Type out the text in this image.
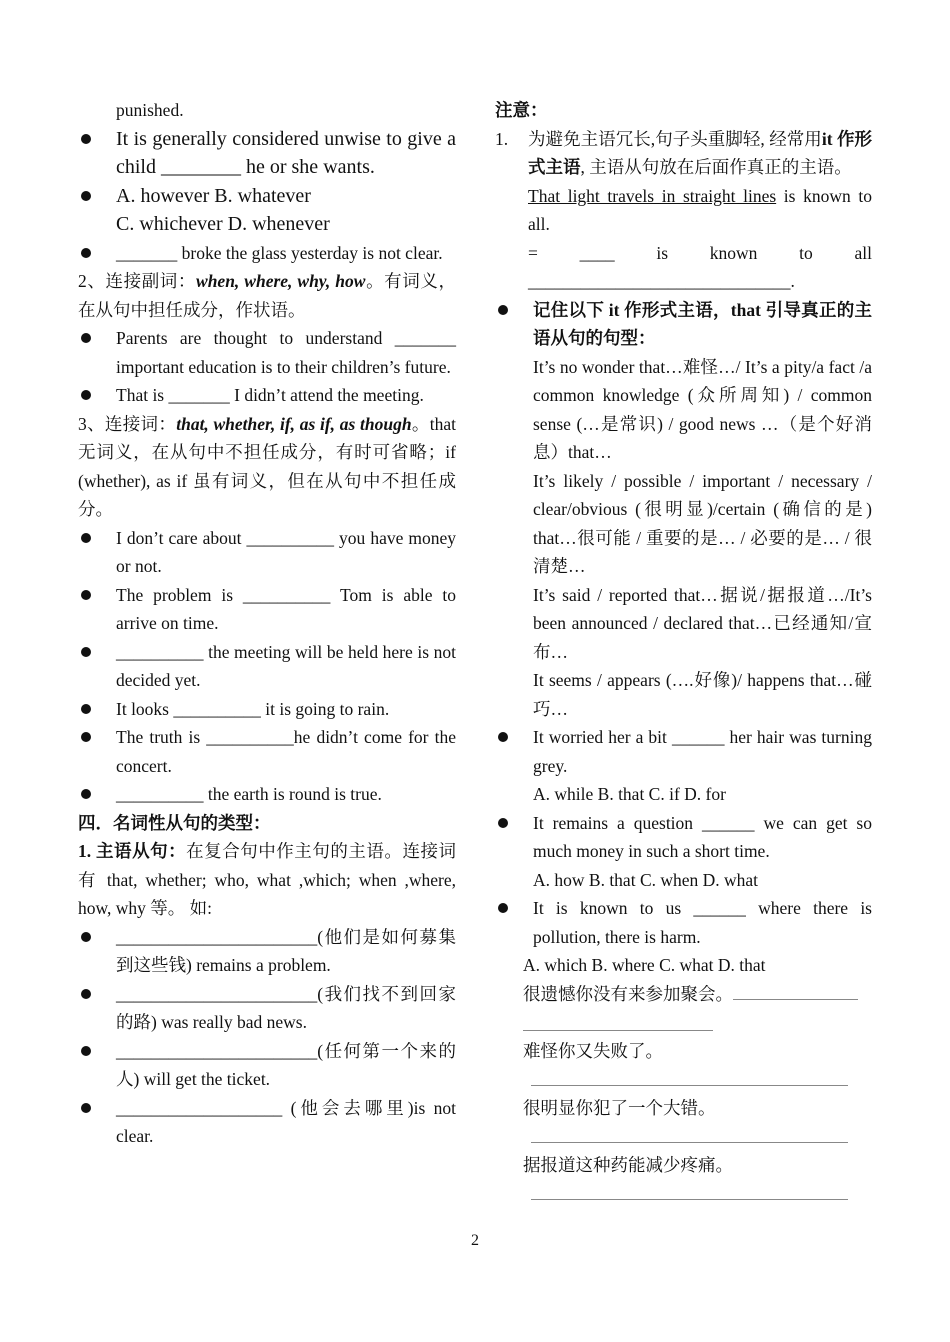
punished.
It is generally considered unwise to give a child ________ he or she wants.
A. however B. whatever
C. whichever D. whenever
_______ broke the glass yesterday is not clear.
2、连接副词：when, where, why, how。有词义，在从句中担任成分，作状语。
Parents are thought to understand _______ important education is to their children’s future.
That is _______ I didn’t attend the meeting.
3、连接词：that, whether, if, as if, as though。that 无词义，在从句中不担任成分，有时可省略；if (whether), as if 虽有词义，但在从句中不担任成分。
I don’t care about __________ you have money or not.
The problem is __________ Tom is able to arrive on time.
__________ the meeting will be held here is not decided yet.
It looks __________ it is going to rain.
The truth is __________he didn’t come for the concert.
__________ the earth is round is true.
四．名词性从句的类型：
1. 主语从句：在复合句中作主句的主语。连接词有 that, whether; who, what ,which; when ,where, how, why 等。 如:
_______________________(他们是如何募集到这些钱) remains a problem.
_______________________(我们找不到回家的路) was really bad news.
_______________________(任何第一个来的人) will get the ticket.
___________________ (他会去哪里)is not clear.
注意：
1. 为避免主语冗长,句子头重脚轻, 经常用it 作形式主语, 主语从句放在后面作真正的主语。
That light travels in straight lines is known to all.
= ____ is known to all
______________________________.
记住以下 it 作形式主语，that 引导真正的主语从句的句型：
It’s no wonder that…难怪…/ It’s a pity/a fact /a common knowledge (众所周知) / common sense (…是常识) / good news …（是个好消息）that…
It’s likely / possible / important / necessary / clear/obvious (很明显)/certain (确信的是) that…很可能 / 重要的是… / 必要的是… / 很清楚…
It’s said / reported that…据说/据报道…/It’s been announced / declared that…已经通知/宣布…
It seems / appears (….好像)/ happens that…碰巧…
It worried her a bit ______ her hair was turning grey.
A. while B. that C. if D. for
It remains a question ______ we can get so much money in such a short time.
A. how B. that C. when D. what
It is known to us ______ where there is pollution, there is harm.
A. which B. where C. what D. that
很遗憾你没有来参加聚会。
难怪你又失败了。
很明显你犯了一个大错。
据报道这种药能减少疼痛。
2
